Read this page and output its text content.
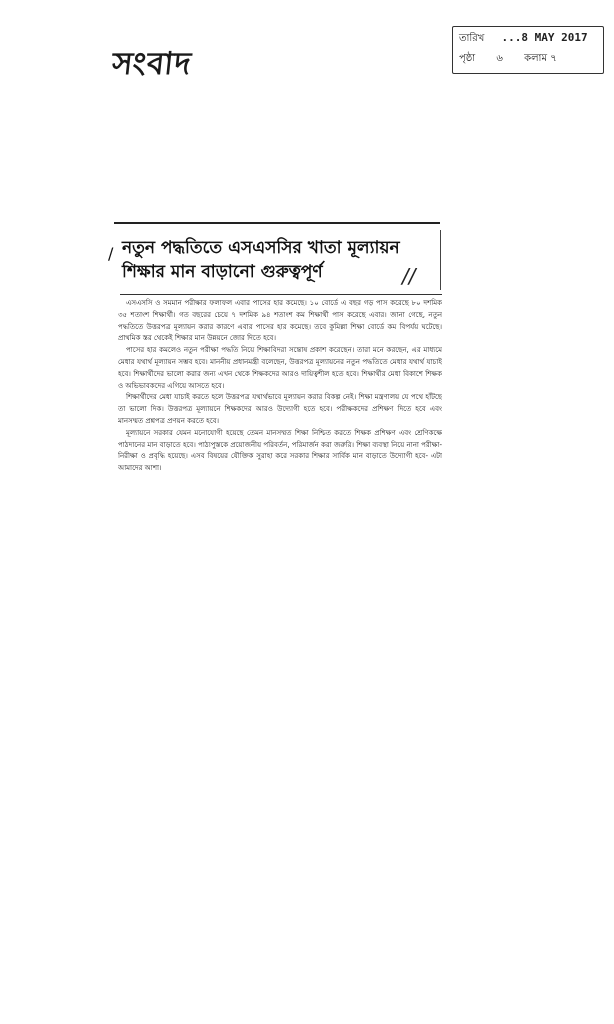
সংবাদ
তারিখ ...8 MAY 2017
পৃষ্ঠা ৬ কলাম ৭
/ নতুন পদ্ধতিতে এসএসসির খাতা মূল্যায়ন
শিক্ষার মান বাড়ানো গুরুত্বপূর্ণ	//

এসএসসি ও সমমান পরীক্ষার ফলাফল এবার পাসের হার কমেছে। ১০ বোর্ডে এ বছর গড় পাস করেছে ৮০ দশমিক ৩৫ শতাংশ শিক্ষার্থী। গত বছরের চেয়ে ৭ দশমিক ৯৪ শতাংশ কম শিক্ষার্থী পাস করেছে এবার। জানা গেছে, নতুন পদ্ধতিতে উত্তরপত্র মূল্যায়ন করার কারণে এবার পাসের হার কমেছে। তবে কুমিল্লা শিক্ষা বোর্ডে কম বিপর্যয় ঘটেছে। প্রাথমিক স্তর থেকেই শিক্ষার মান উন্নয়নে জোর দিতে হবে।

পাসের হার কমলেও নতুন পরীক্ষা পদ্ধতি নিয়ে শিক্ষাবিদরা সন্তোষ প্রকাশ করেছেন। তারা মনে করছেন, এর মাধ্যমে মেধার যথার্থ মূল্যায়ন সম্ভব হবে। মাননীয় প্রধানমন্ত্রী বলেছেন, উত্তরপত্র মূল্যায়নের নতুন পদ্ধতিতে মেধার যথার্থ যাচাই হবে। শিক্ষার্থীদের ভালো করার জন্য এখন থেকে শিক্ষকদের আরও দায়িত্বশীল হতে হবে। শিক্ষার্থীর মেধা বিকাশে শিক্ষক ও অভিভাবকদের এগিয়ে আসতে হবে।

শিক্ষার্থীদের মেধা যাচাই করতে হলে উত্তরপত্র যথার্থভাবে মূল্যায়ন করার বিকল্প নেই। শিক্ষা মন্ত্রণালয় যে পথে হাঁটছে তা ভালো দিক। উত্তরপত্র মূল্যায়নে শিক্ষকদের আরও উদ্যোগী হতে হবে। পরীক্ষকদের প্রশিক্ষণ দিতে হবে এবং মানসম্মত প্রশ্নপত্র প্রণয়ন করতে হবে।

মূল্যায়নে সরকার যেমন মনোযোগী হয়েছে তেমন মানসম্মত শিক্ষা নিশ্চিত করতে শিক্ষক প্রশিক্ষণ এবং শ্রেণিকক্ষে পাঠদানের মান বাড়াতে হবে। পাঠ্যপুস্তকে প্রয়োজনীয় পরিবর্তন, পরিমার্জন করা জরুরি। শিক্ষা ব্যবস্থা নিয়ে নানা পরীক্ষা-নিরীক্ষা ও প্রবৃদ্ধি হয়েছে। এসব বিষয়ের যৌক্তিক সুরাহা করে সরকার শিক্ষার সার্বিক মান বাড়াতে উদ্যোগী হবে- এটা আমাদের আশা।
